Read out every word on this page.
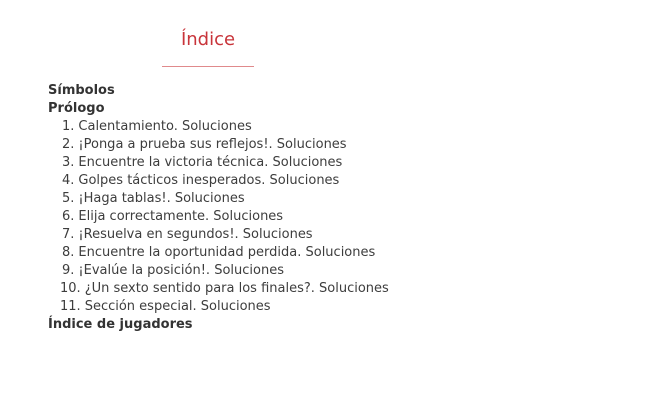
Índice
Símbolos
Prólogo
1. Calentamiento. Soluciones
2. ¡Ponga a prueba sus reflejos!. Soluciones
3. Encuentre la victoria técnica. Soluciones
4. Golpes tácticos inesperados. Soluciones
5. ¡Haga tablas!. Soluciones
6. Elija correctamente. Soluciones
7. ¡Resuelva en segundos!. Soluciones
8. Encuentre la oportunidad perdida. Soluciones
9. ¡Evalúe la posición!. Soluciones
10. ¿Un sexto sentido para los finales?. Soluciones
11. Sección especial. Soluciones
Índice de jugadores
